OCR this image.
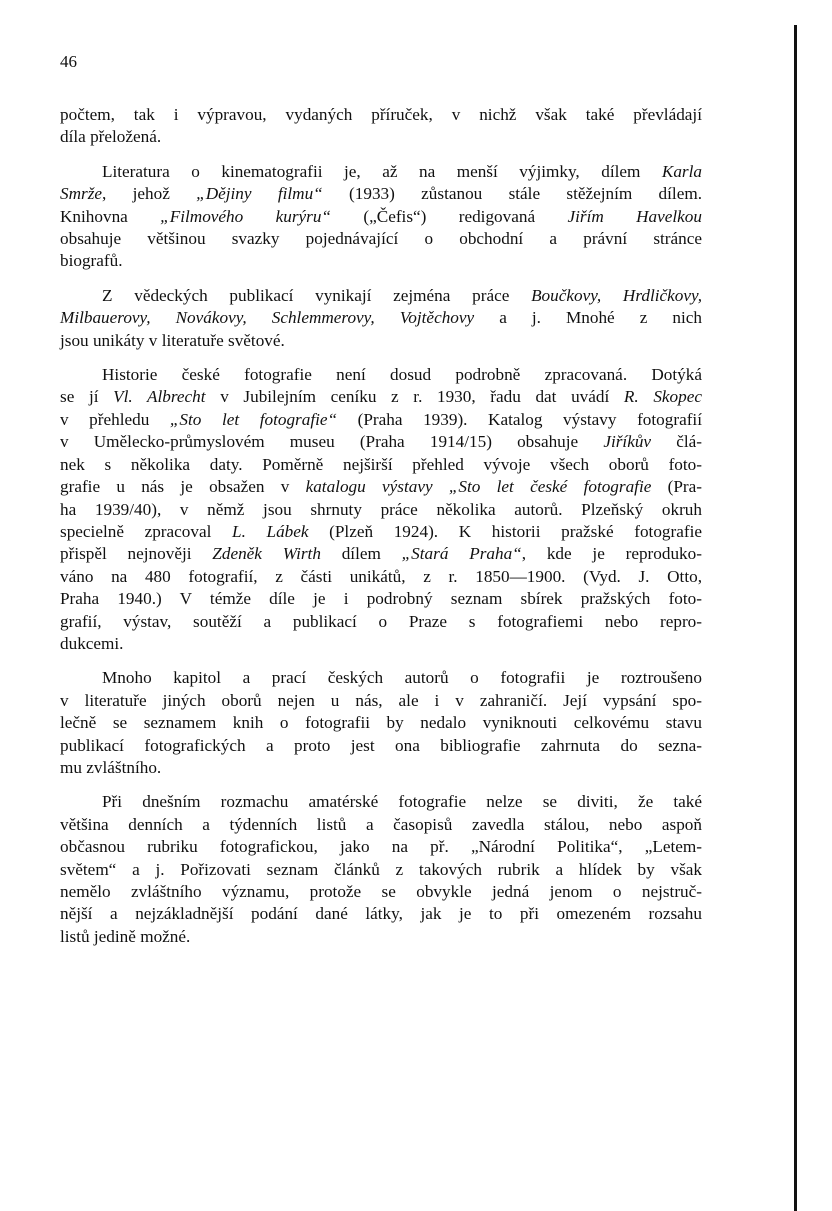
46
počtem, tak i výpravou, vydaných příruček, v nichž však také převládají
díla přeložená.
Literatura o kinematografii je, až na menší výjimky, dílem Karla
Smrže, jehož „Dějiny filmu“ (1933) zůstanou stále stěžejním dílem.
Knihovna „Filmového kurýru“ („Čefis“) redigovaná Jiřím Havelkou
obsahuje většinou svazky pojednávající o obchodní a právní stránce
biografů.
Z vědeckých publikací vynikají zejména práce Boučkovy, Hrdličkovy,
Milbauerovy, Novákovy, Schlemmerovy, Vojtěchovy a j. Mnohé z nich
jsou unikáty v literatuře světové.
Historie české fotografie není dosud podrobně zpracovaná. Dotýká
se jí Vl. Albrecht v Jubilejním ceníku z r. 1930, řadu dat uvádí R. Skopec
v přehledu „Sto let fotografie“ (Praha 1939). Katalog výstavy fotografií
v Umělecko-průmyslovém museu (Praha 1914/15) obsahuje Jiříkův člá-
nek s několika daty. Poměrně nejširší přehled vývoje všech oborů foto-
grafie u nás je obsažen v katalogu výstavy „Sto let české fotografie (Pra-
ha 1939/40), v němž jsou shrnuty práce několika autorů. Plzeňský okruh
specielně zpracoval L. Lábek (Plzeň 1924). K historii pražské fotografie
přispěl nejnověji Zdeněk Wirth dílem „Stará Praha“, kde je reproduko-
váno na 480 fotografií, z části unikátů, z r. 1850—1900. (Vyd. J. Otto,
Praha 1940.) V témže díle je i podrobný seznam sbírek pražských foto-
grafií, výstav, soutěží a publikací o Praze s fotografiemi nebo repro-
dukcemi.
Mnoho kapitol a prací českých autorů o fotografii je roztroušeno
v literatuře jiných oborů nejen u nás, ale i v zahraničí. Její vypsání spo-
lečně se seznamem knih o fotografii by nedalo vyniknouti celkovému stavu
publikací fotografických a proto jest ona bibliografie zahrnuta do sezna-
mu zvláštního.
Při dnešním rozmachu amatérské fotografie nelze se diviti, že také
většina denních a týdenních listů a časopisů zavedla stálou, nebo aspoň
občasnou rubriku fotografickou, jako na př. „Národní Politika“, „Letem-
světem“ a j. Pořizovati seznam článků z takových rubrik a hlídek by však
nemělo zvláštního významu, protože se obvykle jedná jenom o nejstruč-
nější a nejzákladnější podání dané látky, jak je to při omezeném rozsahu
listů jedině možné.
